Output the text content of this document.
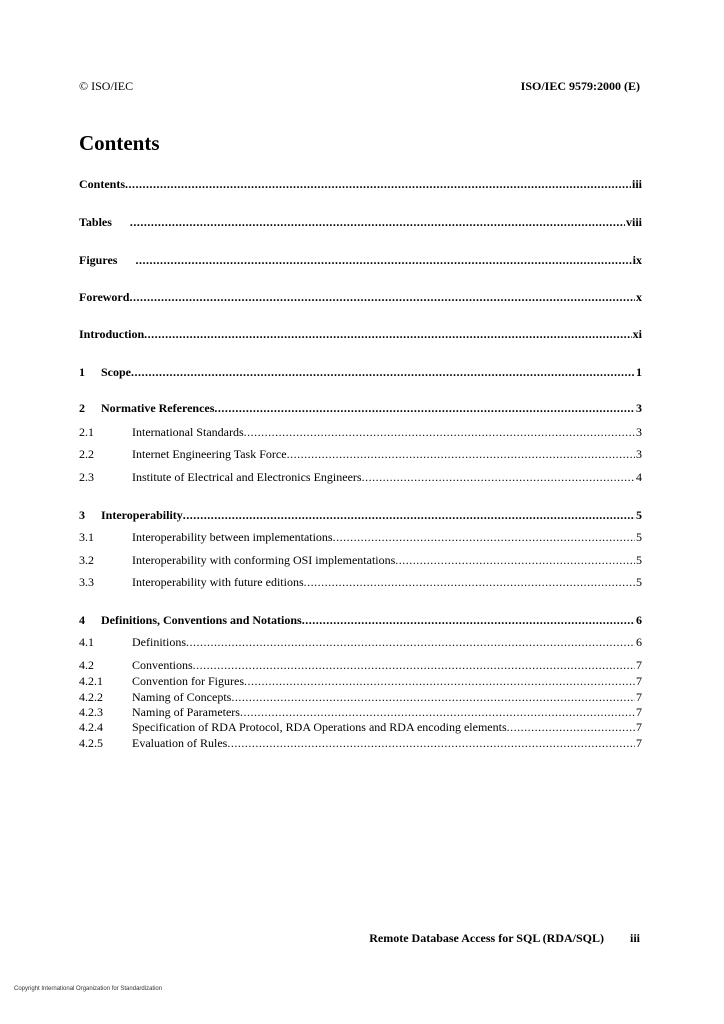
© ISO/IEC	ISO/IEC 9579:2000 (E)
Contents
Contents .....	iii
Tables .....	viii
Figures .....	ix
Foreword .....	x
Introduction .....	xi
1	Scope .....	1
2	Normative References .....	3
2.1	International Standards .....	3
2.2	Internet Engineering Task Force .....	3
2.3	Institute of Electrical and Electronics Engineers .....	4
3	Interoperability .....	5
3.1	Interoperability between implementations .....	5
3.2	Interoperability with conforming OSI implementations .....	5
3.3	Interoperability with future editions .....	5
4	Definitions, Conventions and Notations .....	6
4.1	Definitions .....	6
4.2	Conventions .....	7
4.2.1	Convention for Figures .....	7
4.2.2	Naming of Concepts .....	7
4.2.3	Naming of Parameters .....	7
4.2.4	Specification of RDA Protocol, RDA Operations and RDA encoding elements .....	7
4.2.5	Evaluation of Rules .....	7
Remote Database Access for SQL (RDA/SQL) iii
Copyright International Organization for Standardization
